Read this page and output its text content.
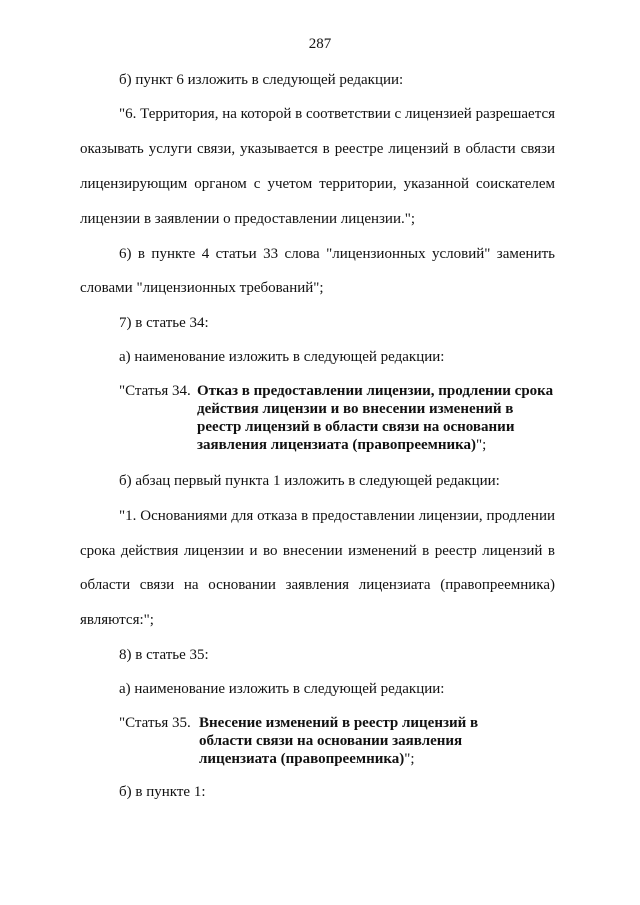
287
б) пункт 6 изложить в следующей редакции:
"6. Территория, на которой в соответствии с лицензией разрешается
оказывать услуги связи, указывается в реестре лицензий в области связи
лицензирующим органом с учетом территории, указанной соискателем
лицензии в заявлении о предоставлении лицензии.";
6) в пункте 4 статьи 33 слова "лицензионных условий" заменить
словами "лицензионных требований";
7) в статье 34:
а) наименование изложить в следующей редакции:
"Статья 34. Отказ в предоставлении лицензии, продлении срока действия лицензии и во внесении изменений в реестр лицензий в области связи на основании заявления лицензиата (правопреемника)";
б) абзац первый пункта 1 изложить в следующей редакции:
"1. Основаниями для отказа в предоставлении лицензии, продлении
срока действия лицензии и во внесении изменений в реестр лицензий в
области связи на основании заявления лицензиата (правопреемника)
являются:";
8) в статье 35:
а) наименование изложить в следующей редакции:
"Статья 35. Внесение изменений в реестр лицензий в области связи на основании заявления лицензиата (правопреемника)";
б) в пункте 1:
